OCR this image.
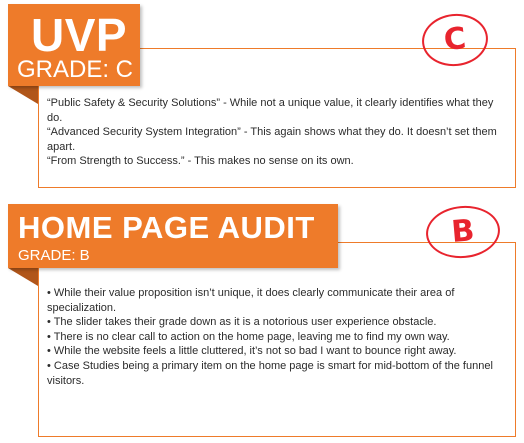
UVP
GRADE: C
C

“Public Safety & Security Solutions” - While not a unique value, it clearly identifies what they do.

“Advanced Security System Integration” - This again shows what they do. It doesn’t set them apart.

“From Strength to Success.” - This makes no sense on its own.

HOME PAGE AUDIT
GRADE: B
B

• While their value proposition isn’t unique, it does clearly communicate their area of specialization.

• The slider takes their grade down as it is a notorious user experience obstacle.

• There is no clear call to action on the home page, leaving me to find my own way.

• While the website feels a little cluttered, it’s not so bad I want to bounce right away.

• Case Studies being a primary item on the home page is smart for mid-bottom of the funnel visitors.
